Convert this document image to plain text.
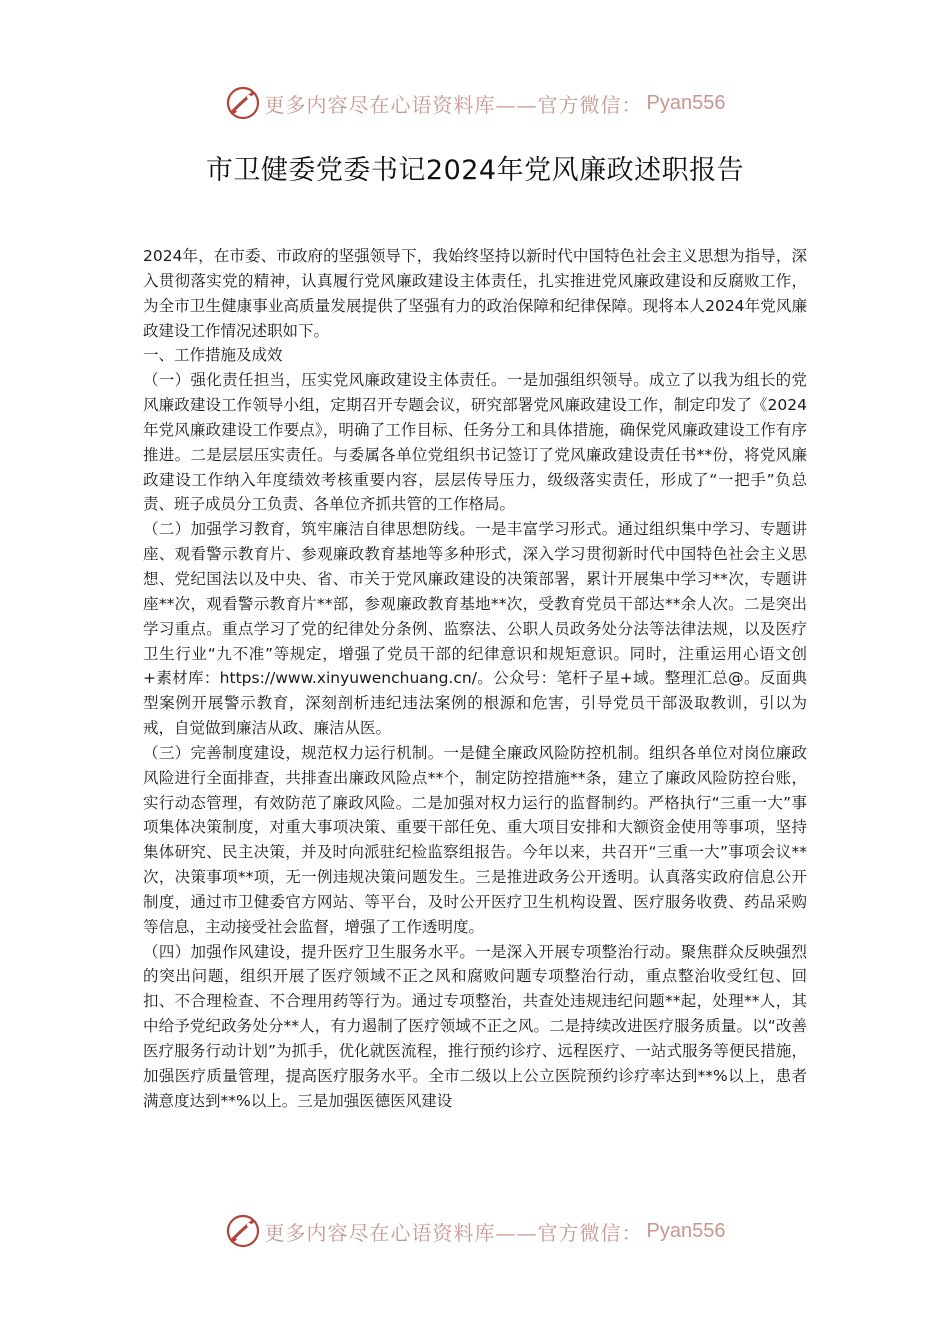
更多内容尽在心语资料库——官方微信： Pyan556
市卫健委党委书记2024年党风廉政述职报告

2024年，在市委、市政府的坚强领导下，我始终坚持以新时代中国特色社会主义思想为指导，深入贯彻落实党的精神，认真履行党风廉政建设主体责任，扎实推进党风廉政建设和反腐败工作，为全市卫生健康事业高质量发展提供了坚强有力的政治保障和纪律保障。现将本人2024年党风廉政建设工作情况述职如下。

一、工作措施及成效

（一）强化责任担当，压实党风廉政建设主体责任。一是加强组织领导。成立了以我为组长的党风廉政建设工作领导小组，定期召开专题会议，研究部署党风廉政建设工作，制定印发了《2024年党风廉政建设工作要点》，明确了工作目标、任务分工和具体措施，确保党风廉政建设工作有序推进。二是层层压实责任。与委属各单位党组织书记签订了党风廉政建设责任书**份，将党风廉政建设工作纳入年度绩效考核重要内容，层层传导压力，级级落实责任，形成了“一把手”负总责、班子成员分工负责、各单位齐抓共管的工作格局。

（二）加强学习教育，筑牢廉洁自律思想防线。一是丰富学习形式。通过组织集中学习、专题讲座、观看警示教育片、参观廉政教育基地等多种形式，深入学习贯彻新时代中国特色社会主义思想、党纪国法以及中央、省、市关于党风廉政建设的决策部署，累计开展集中学习**次，专题讲座**次，观看警示教育片**部，参观廉政教育基地**次，受教育党员干部达**余人次。二是突出学习重点。重点学习了党的纪律处分条例、监察法、公职人员政务处分法等法律法规，以及医疗卫生行业“九不准”等规定，增强了党员干部的纪律意识和规矩意识。同时，注重运用心语文创+素材库：https://www.xinyuwenchuang.cn/。公众号：笔杆子星+域。整理汇总@。反面典型案例开展警示教育，深刻剖析违纪违法案例的根源和危害，引导党员干部汲取教训，引以为戒，自觉做到廉洁从政、廉洁从医。

（三）完善制度建设，规范权力运行机制。一是健全廉政风险防控机制。组织各单位对岗位廉政风险进行全面排查，共排查出廉政风险点**个，制定防控措施**条，建立了廉政风险防控台账，实行动态管理，有效防范了廉政风险。二是加强对权力运行的监督制约。严格执行“三重一大”事项集体决策制度，对重大事项决策、重要干部任免、重大项目安排和大额资金使用等事项，坚持集体研究、民主决策，并及时向派驻纪检监察组报告。今年以来，共召开“三重一大”事项会议**次，决策事项**项，无一例违规决策问题发生。三是推进政务公开透明。认真落实政府信息公开制度，通过市卫健委官方网站、等平台，及时公开医疗卫生机构设置、医疗服务收费、药品采购等信息，主动接受社会监督，增强了工作透明度。

（四）加强作风建设，提升医疗卫生服务水平。一是深入开展专项整治行动。聚焦群众反映强烈的突出问题，组织开展了医疗领域不正之风和腐败问题专项整治行动，重点整治收受红包、回扣、不合理检查、不合理用药等行为。通过专项整治，共查处违规违纪问题**起，处理**人，其中给予党纪政务处分**人，有力遏制了医疗领域不正之风。二是持续改进医疗服务质量。以“改善医疗服务行动计划”为抓手，优化就医流程，推行预约诊疗、远程医疗、一站式服务等便民措施，加强医疗质量管理，提高医疗服务水平。全市二级以上公立医院预约诊疗率达到**%以上，患者满意度达到**%以上。三是加强医德医风建设

更多内容尽在心语资料库——官方微信： Pyan556
